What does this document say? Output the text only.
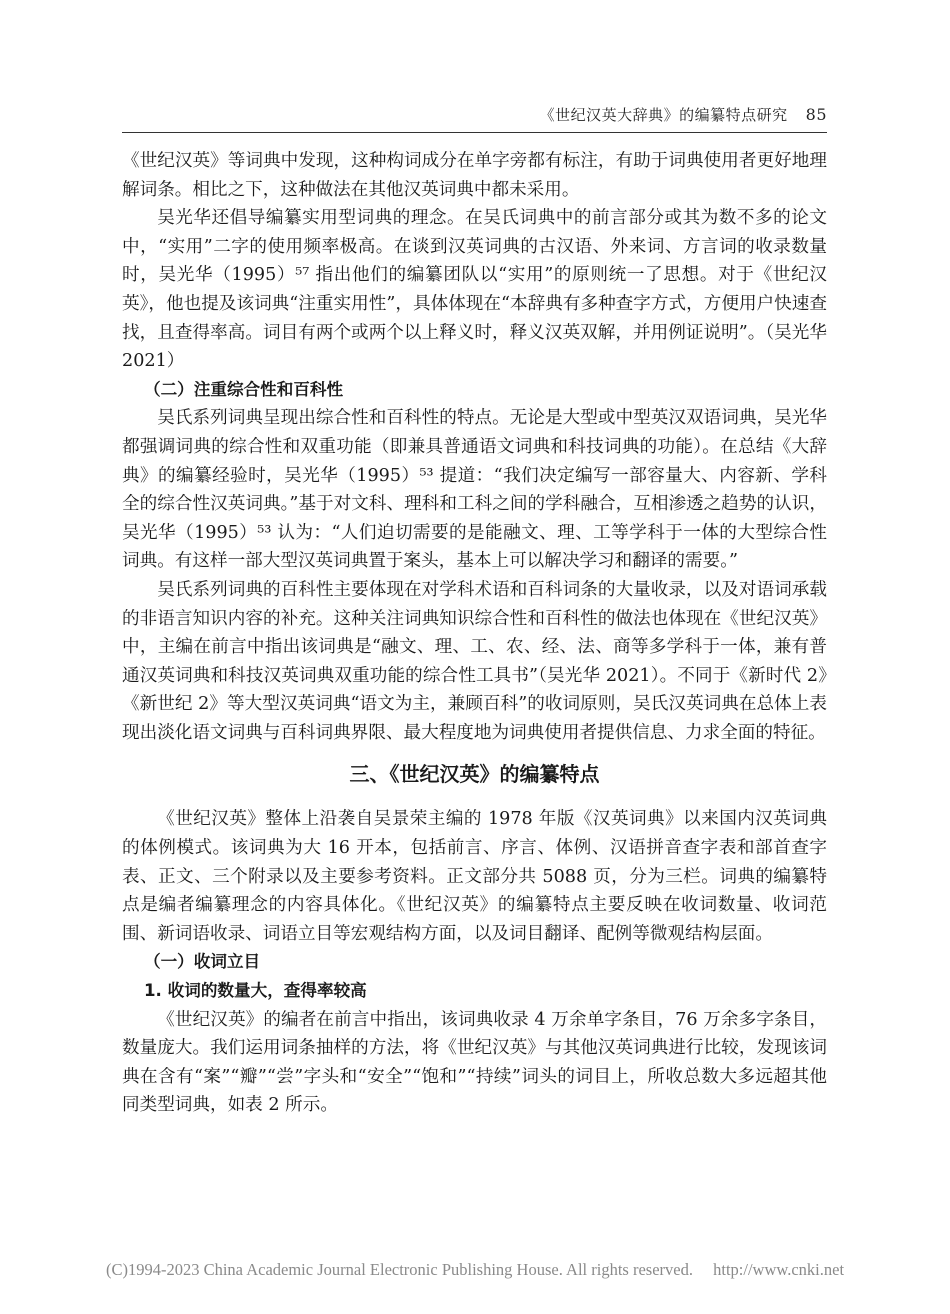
《世纪汉英大辞典》的编纂特点研究 85

《世纪汉英》等词典中发现，这种构词成分在单字旁都有标注，有助于词典使用者更好地理解词条。相比之下，这种做法在其他汉英词典中都未采用。

吴光华还倡导编纂实用型词典的理念。在吴氏词典中的前言部分或其为数不多的论文中，“实用”二字的使用频率极高。在谈到汉英词典的古汉语、外来词、方言词的收录数量时，吴光华（1995）⁵⁷ 指出他们的编纂团队以“实用”的原则统一了思想。对于《世纪汉英》，他也提及该词典“注重实用性”，具体体现在“本辞典有多种查字方式，方便用户快速查找，且查得率高。词目有两个或两个以上释义时，释义汉英双解，并用例证说明”。（吴光华 2021）

（二）注重综合性和百科性

吴氏系列词典呈现出综合性和百科性的特点。无论是大型或中型英汉双语词典，吴光华都强调词典的综合性和双重功能（即兼具普通语文词典和科技词典的功能）。在总结《大辞典》的编纂经验时，吴光华（1995）⁵³ 提道：“我们决定编写一部容量大、内容新、学科全的综合性汉英词典。”基于对文科、理科和工科之间的学科融合，互相渗透之趋势的认识，吴光华（1995）⁵³ 认为：“人们迫切需要的是能融文、理、工等学科于一体的大型综合性词典。有这样一部大型汉英词典置于案头，基本上可以解决学习和翻译的需要。”

吴氏系列词典的百科性主要体现在对学科术语和百科词条的大量收录，以及对语词承载的非语言知识内容的补充。这种关注词典知识综合性和百科性的做法也体现在《世纪汉英》中，主编在前言中指出该词典是“融文、理、工、农、经、法、商等多学科于一体，兼有普通汉英词典和科技汉英词典双重功能的综合性工具书”（吴光华 2021）。不同于《新时代 2》《新世纪 2》等大型汉英词典“语文为主，兼顾百科”的收词原则，吴氏汉英词典在总体上表现出淡化语文词典与百科词典界限、最大程度地为词典使用者提供信息、力求全面的特征。

三、《世纪汉英》的编纂特点

《世纪汉英》整体上沿袭自吴景荣主编的 1978 年版《汉英词典》以来国内汉英词典的体例模式。该词典为大 16 开本，包括前言、序言、体例、汉语拼音查字表和部首查字表、正文、三个附录以及主要参考资料。正文部分共 5088 页，分为三栏。词典的编纂特点是编者编纂理念的内容具体化。《世纪汉英》的编纂特点主要反映在收词数量、收词范围、新词语收录、词语立目等宏观结构方面，以及词目翻译、配例等微观结构层面。

（一）收词立目
1. 收词的数量大，查得率较高

《世纪汉英》的编者在前言中指出，该词典收录 4 万余单字条目，76 万余多字条目，数量庞大。我们运用词条抽样的方法，将《世纪汉英》与其他汉英词典进行比较，发现该词典在含有“案”“瓣”“尝”字头和“安全”“饱和”“持续”词头的词目上，所收总数大多远超其他同类型词典，如表 2 所示。

(C)1994-2023 China Academic Journal Electronic Publishing House. All rights reserved. http://www.cnki.net
